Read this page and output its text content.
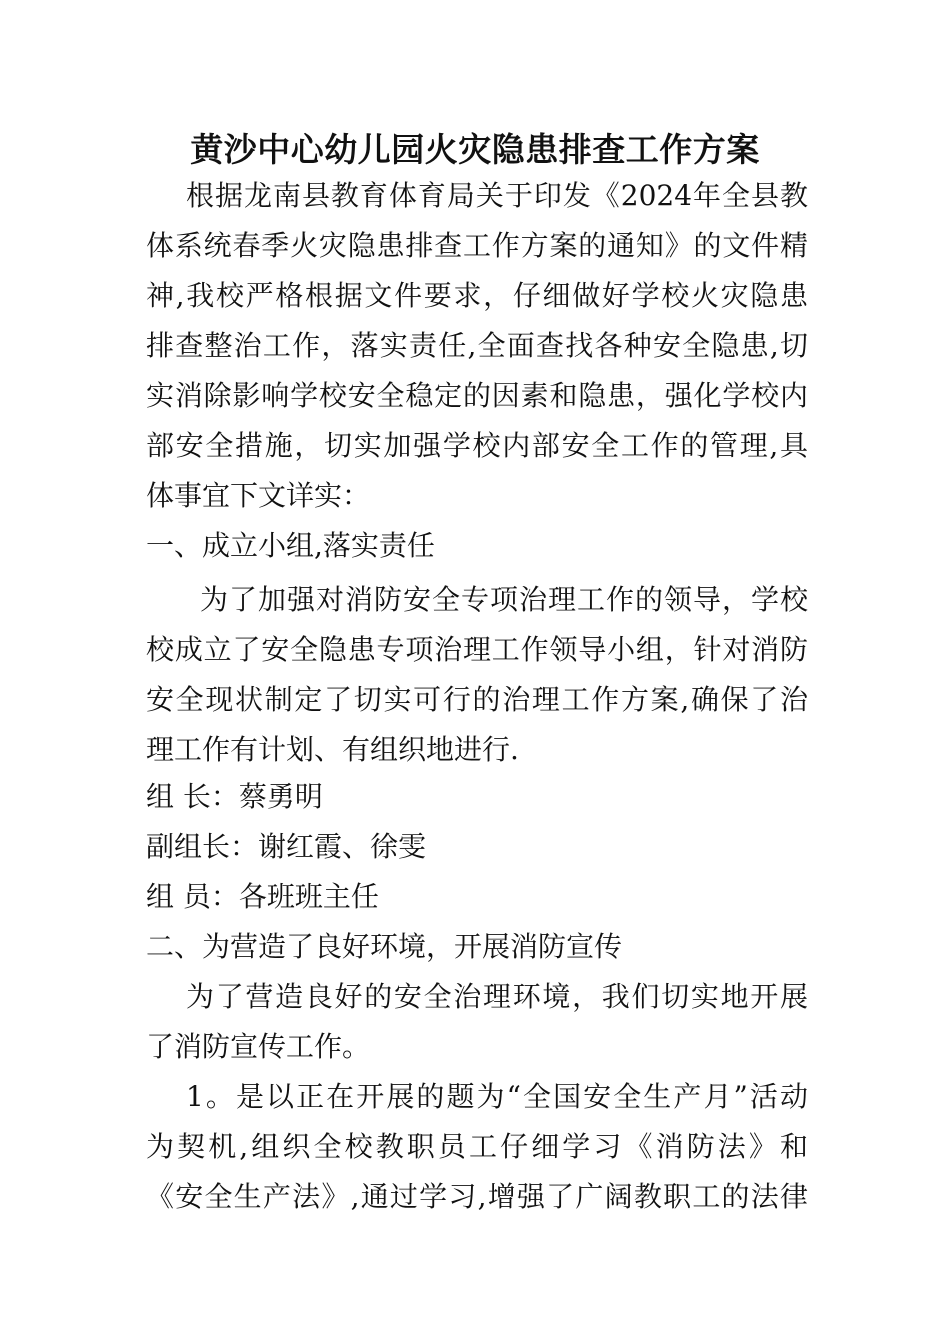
黄沙中心幼儿园火灾隐患排查工作方案

根据龙南县教育体育局关于印发《2024年全县教

体系统春季火灾隐患排查工作方案的通知》的文件精

神,我校严格根据文件要求，仔细做好学校火灾隐患

排查整治工作，落实责任,全面查找各种安全隐患,切

实消除影响学校安全稳定的因素和隐患，强化学校内

部安全措施，切实加强学校内部安全工作的管理,具

体事宜下文详实：

一、成立小组,落实责任

为了加强对消防安全专项治理工作的领导，学校

校成立了安全隐患专项治理工作领导小组，针对消防

安全现状制定了切实可行的治理工作方案,确保了治

理工作有计划、有组织地进行.

组 长：蔡勇明

副组长：谢红霞、徐雯

组 员：各班班主任

二、为营造了良好环境，开展消防宣传

为了营造良好的安全治理环境，我们切实地开展

了消防宣传工作。

1。是以正在开展的题为“全国安全生产月”活动

为契机,组织全校教职员工仔细学习《消防法》和

《安全生产法》,通过学习,增强了广阔教职工的法律
